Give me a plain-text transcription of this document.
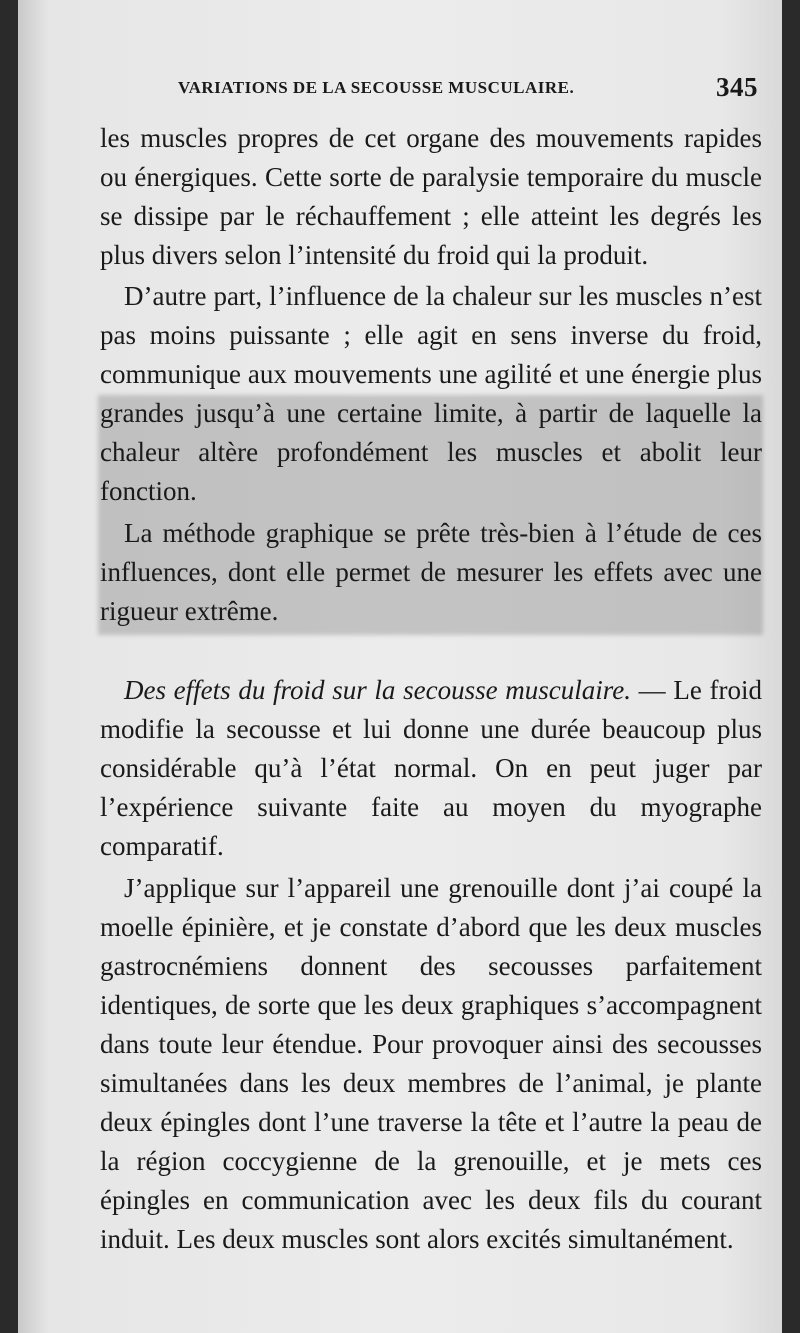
VARIATIONS DE LA SECOUSSE MUSCULAIRE.	345

les muscles propres de cet organe des mouvements rapides ou énergiques. Cette sorte de paralysie temporaire du muscle se dissipe par le réchauffement ; elle atteint les degrés les plus divers selon l’intensité du froid qui la produit.

D’autre part, l’influence de la chaleur sur les muscles n’est pas moins puissante ; elle agit en sens inverse du froid, communique aux mouvements une agilité et une énergie plus grandes jusqu’à une certaine limite, à partir de laquelle la chaleur altère profondément les muscles et abolit leur fonction.

La méthode graphique se prête très-bien à l’étude de ces influences, dont elle permet de mesurer les effets avec une rigueur extrême.

Des effets du froid sur la secousse musculaire. — Le froid modifie la secousse et lui donne une durée beaucoup plus considérable qu’à l’état normal. On en peut juger par l’expérience suivante faite au moyen du myographe comparatif.

J’applique sur l’appareil une grenouille dont j’ai coupé la moelle épinière, et je constate d’abord que les deux muscles gastrocnémiens donnent des secousses parfaitement identiques, de sorte que les deux graphiques s’accompagnent dans toute leur étendue. Pour provoquer ainsi des secousses simultanées dans les deux membres de l’animal, je plante deux épingles dont l’une traverse la tête et l’autre la peau de la région coccygienne de la grenouille, et je mets ces épingles en communication avec les deux fils du courant induit. Les deux muscles sont alors excités simultanément.
